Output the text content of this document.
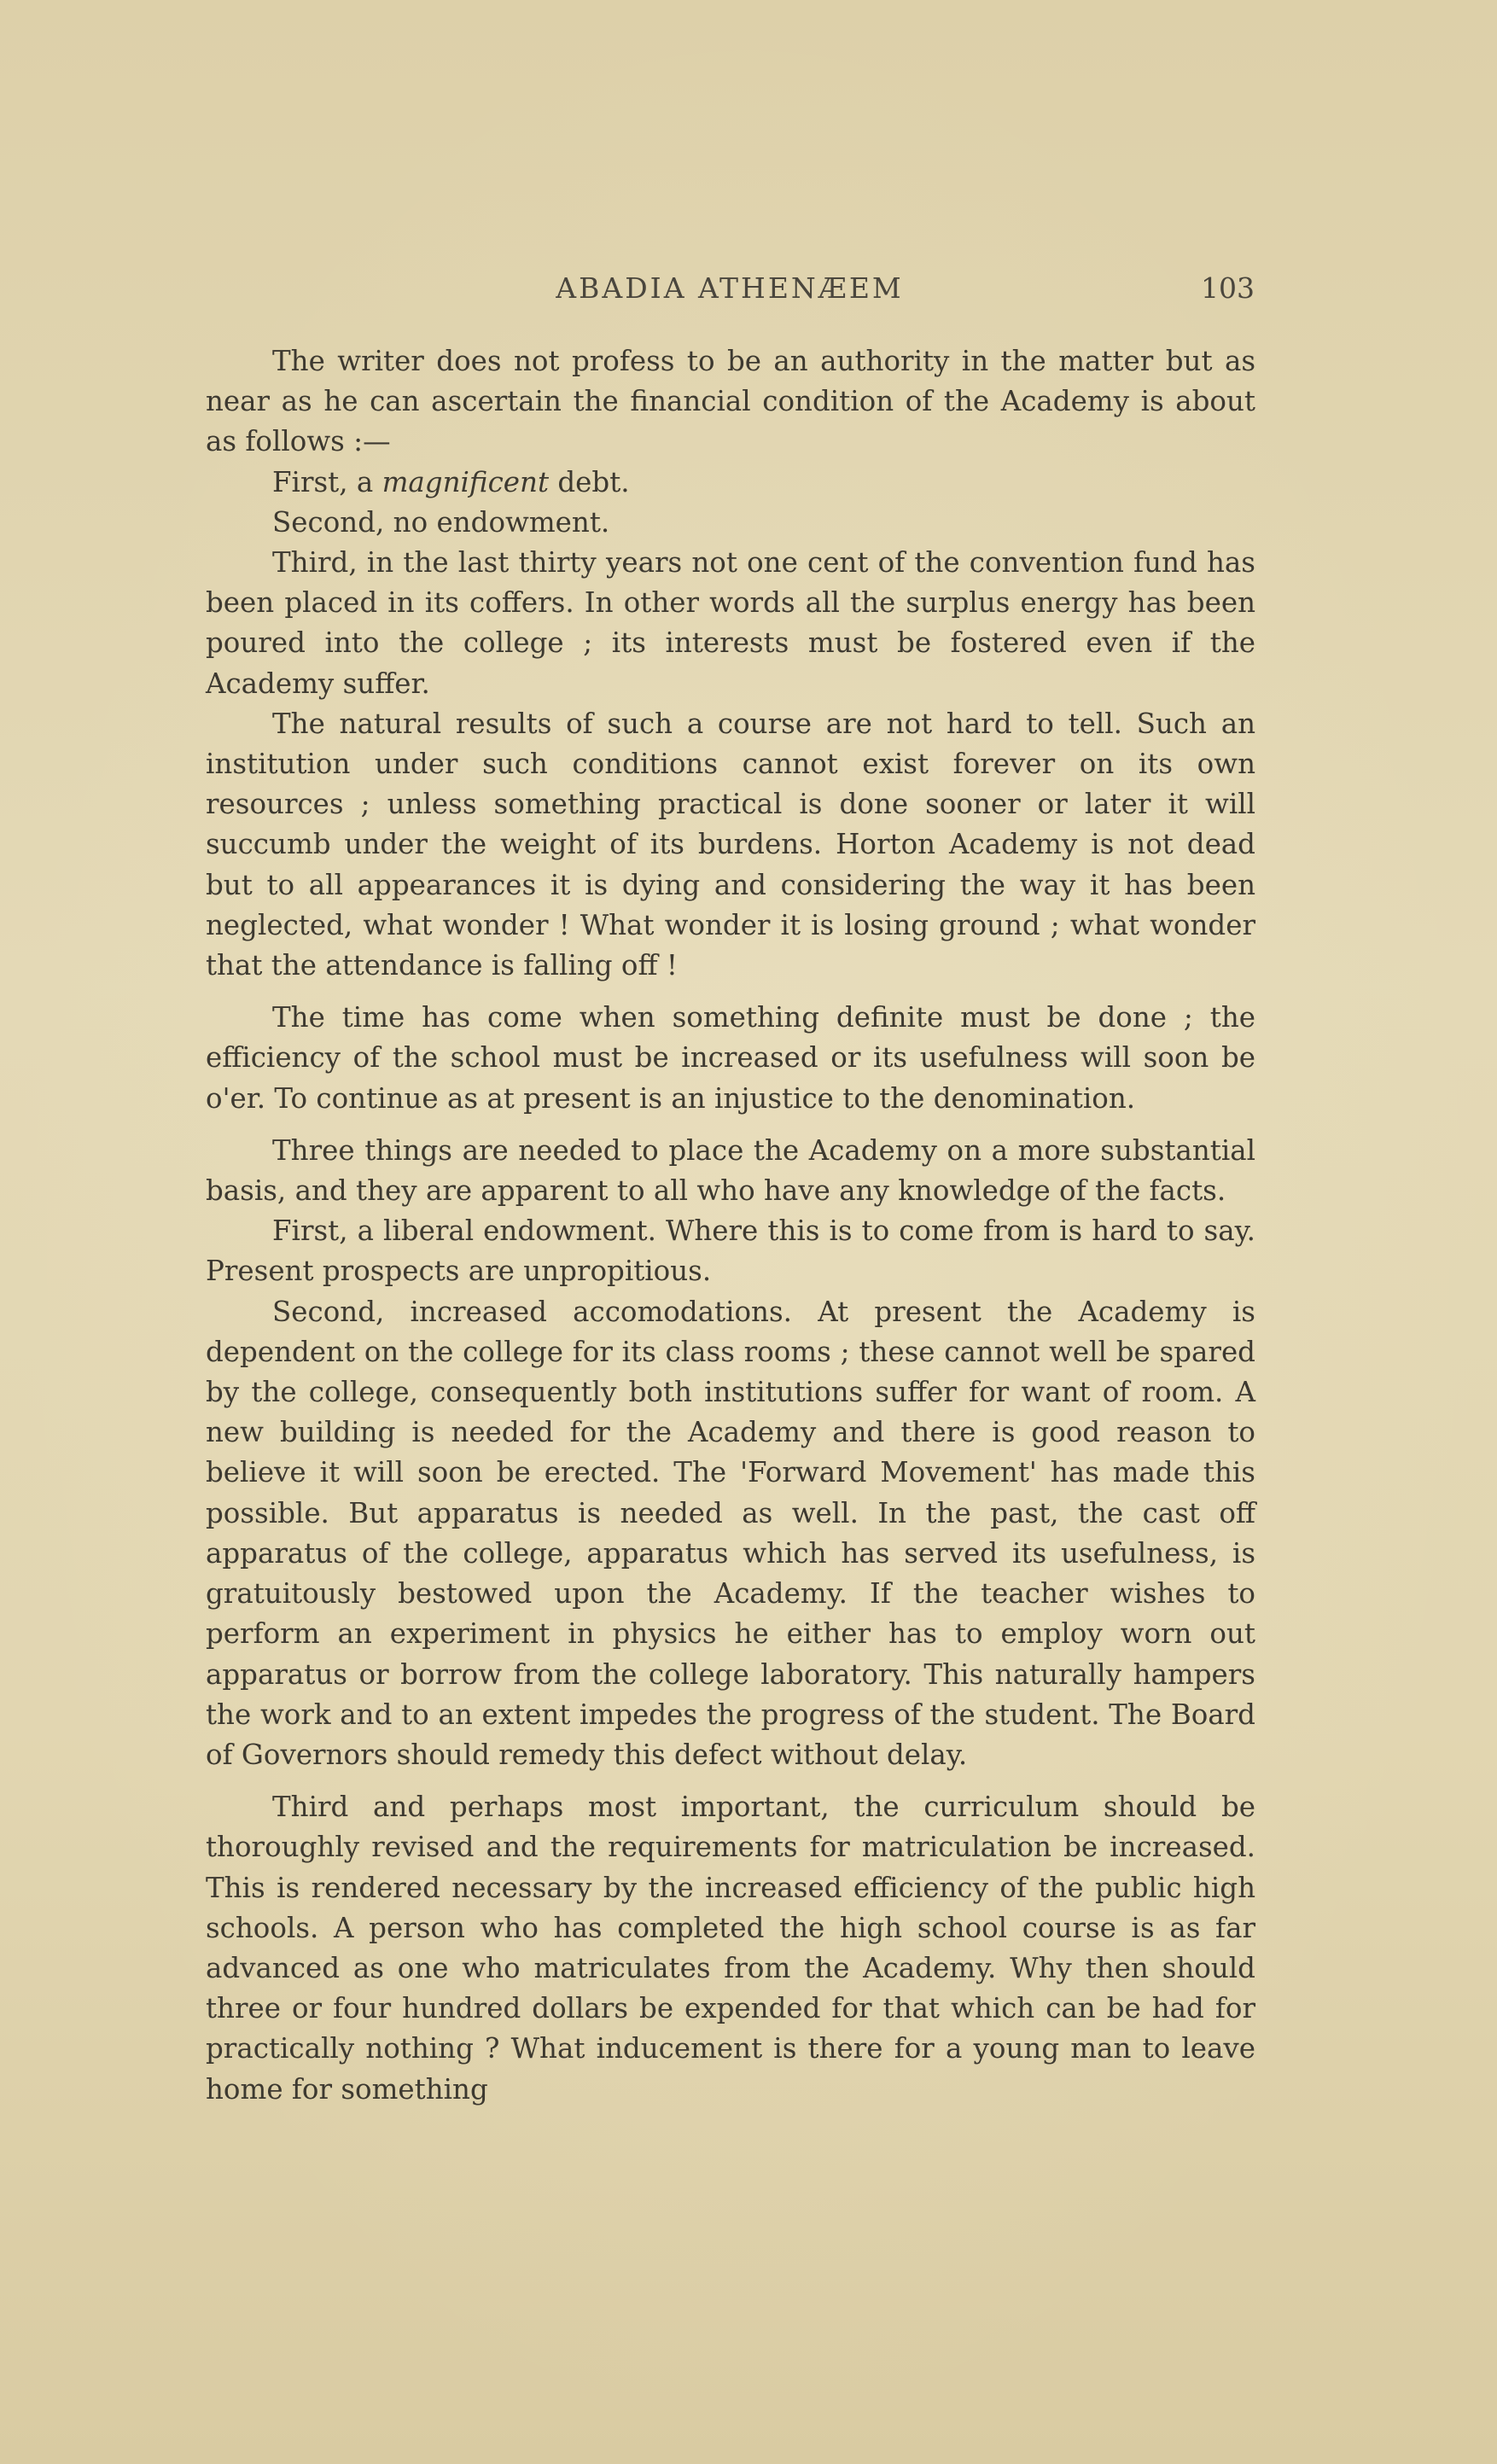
ABADIA ATHENÆEM	103

The writer does not profess to be an authority in the matter but as near as he can ascertain the financial condition of the Academy is about as follows :—

First, a magnificent debt.

Second, no endowment.

Third, in the last thirty years not one cent of the convention fund has been placed in its coffers. In other words all the surplus energy has been poured into the college ; its interests must be fostered even if the Academy suffer.

The natural results of such a course are not hard to tell. Such an institution under such conditions cannot exist forever on its own resources ; unless something practical is done sooner or later it will succumb under the weight of its burdens. Horton Academy is not dead but to all appearances it is dying and considering the way it has been neglected, what wonder ! What wonder it is losing ground ; what wonder that the attendance is falling off !

The time has come when something definite must be done ; the efficiency of the school must be increased or its usefulness will soon be o'er. To continue as at present is an injustice to the denomination.

Three things are needed to place the Academy on a more substantial basis, and they are apparent to all who have any knowledge of the facts.

First, a liberal endowment. Where this is to come from is hard to say. Present prospects are unpropitious.

Second, increased accomodations. At present the Academy is dependent on the college for its class rooms ; these cannot well be spared by the college, consequently both institutions suffer for want of room. A new building is needed for the Academy and there is good reason to believe it will soon be erected. The 'Forward Movement' has made this possible. But apparatus is needed as well. In the past, the cast off apparatus of the college, apparatus which has served its usefulness, is gratuitously bestowed upon the Academy. If the teacher wishes to perform an experiment in physics he either has to employ worn out apparatus or borrow from the college laboratory. This naturally hampers the work and to an extent impedes the progress of the student. The Board of Governors should remedy this defect without delay.

Third and perhaps most important, the curriculum should be thoroughly revised and the requirements for matriculation be increased. This is rendered necessary by the increased efficiency of the public high schools. A person who has completed the high school course is as far advanced as one who matriculates from the Academy. Why then should three or four hundred dollars be expended for that which can be had for practically nothing ? What inducement is there for a young man to leave home for something
